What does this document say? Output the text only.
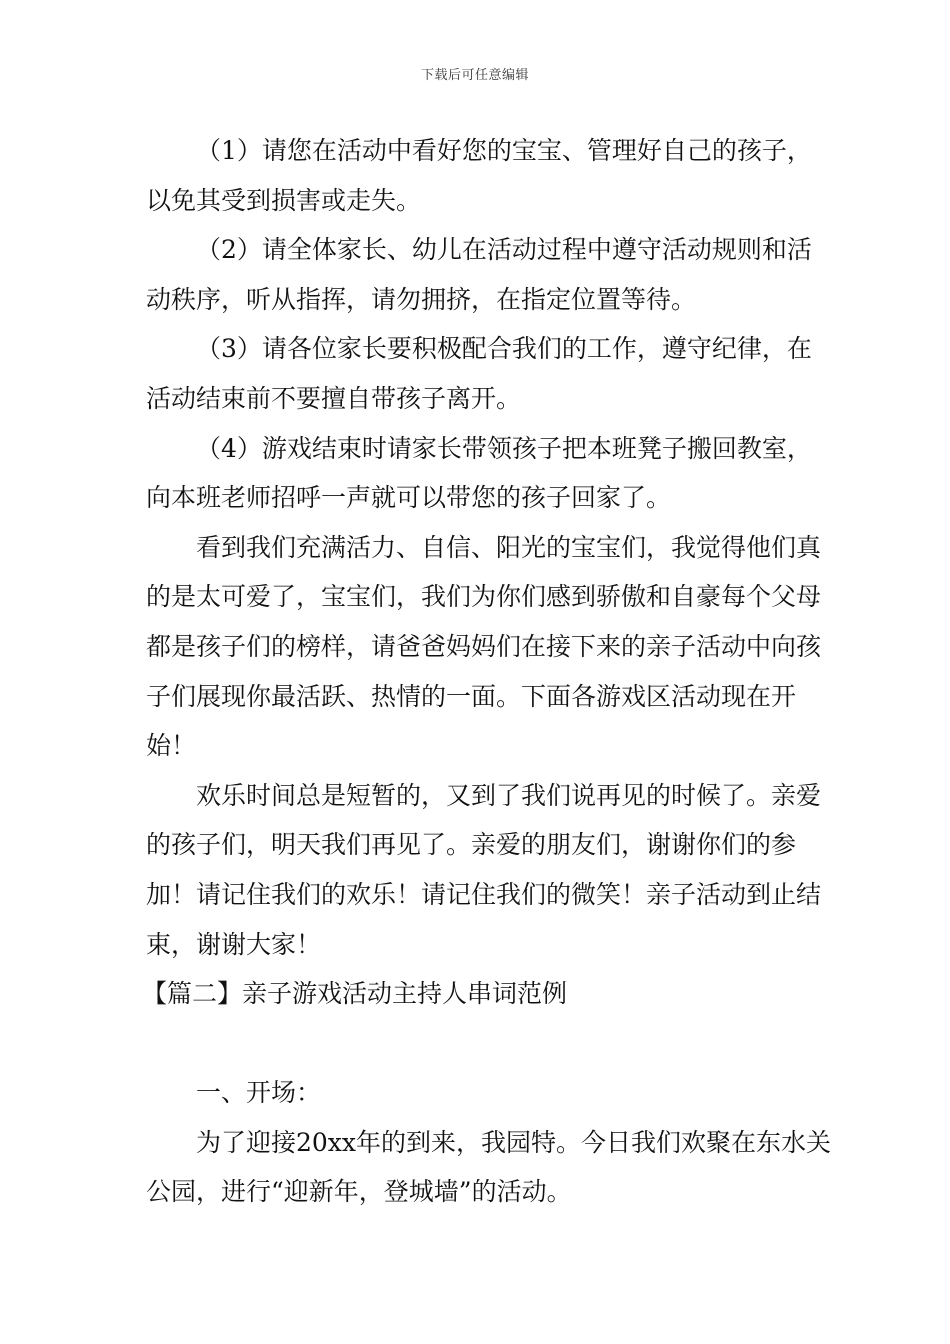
下载后可任意编辑

（1）请您在活动中看好您的宝宝、管理好自己的孩子，以免其受到损害或走失。

（2）请全体家长、幼儿在活动过程中遵守活动规则和活动秩序，听从指挥，请勿拥挤，在指定位置等待。

（3）请各位家长要积极配合我们的工作，遵守纪律，在活动结束前不要擅自带孩子离开。

（4）游戏结束时请家长带领孩子把本班凳子搬回教室，向本班老师招呼一声就可以带您的孩子回家了。

看到我们充满活力、自信、阳光的宝宝们，我觉得他们真的是太可爱了，宝宝们，我们为你们感到骄傲和自豪每个父母都是孩子们的榜样，请爸爸妈妈们在接下来的亲子活动中向孩子们展现你最活跃、热情的一面。下面各游戏区活动现在开始！

欢乐时间总是短暂的，又到了我们说再见的时候了。亲爱的孩子们，明天我们再见了。亲爱的朋友们，谢谢你们的参加！请记住我们的欢乐！请记住我们的微笑！亲子活动到止结束，谢谢大家！

【篇二】亲子游戏活动主持人串词范例

一、开场：

为了迎接20xx年的到来，我园特。今日我们欢聚在东水关公园，进行“迎新年，登城墙”的活动。
